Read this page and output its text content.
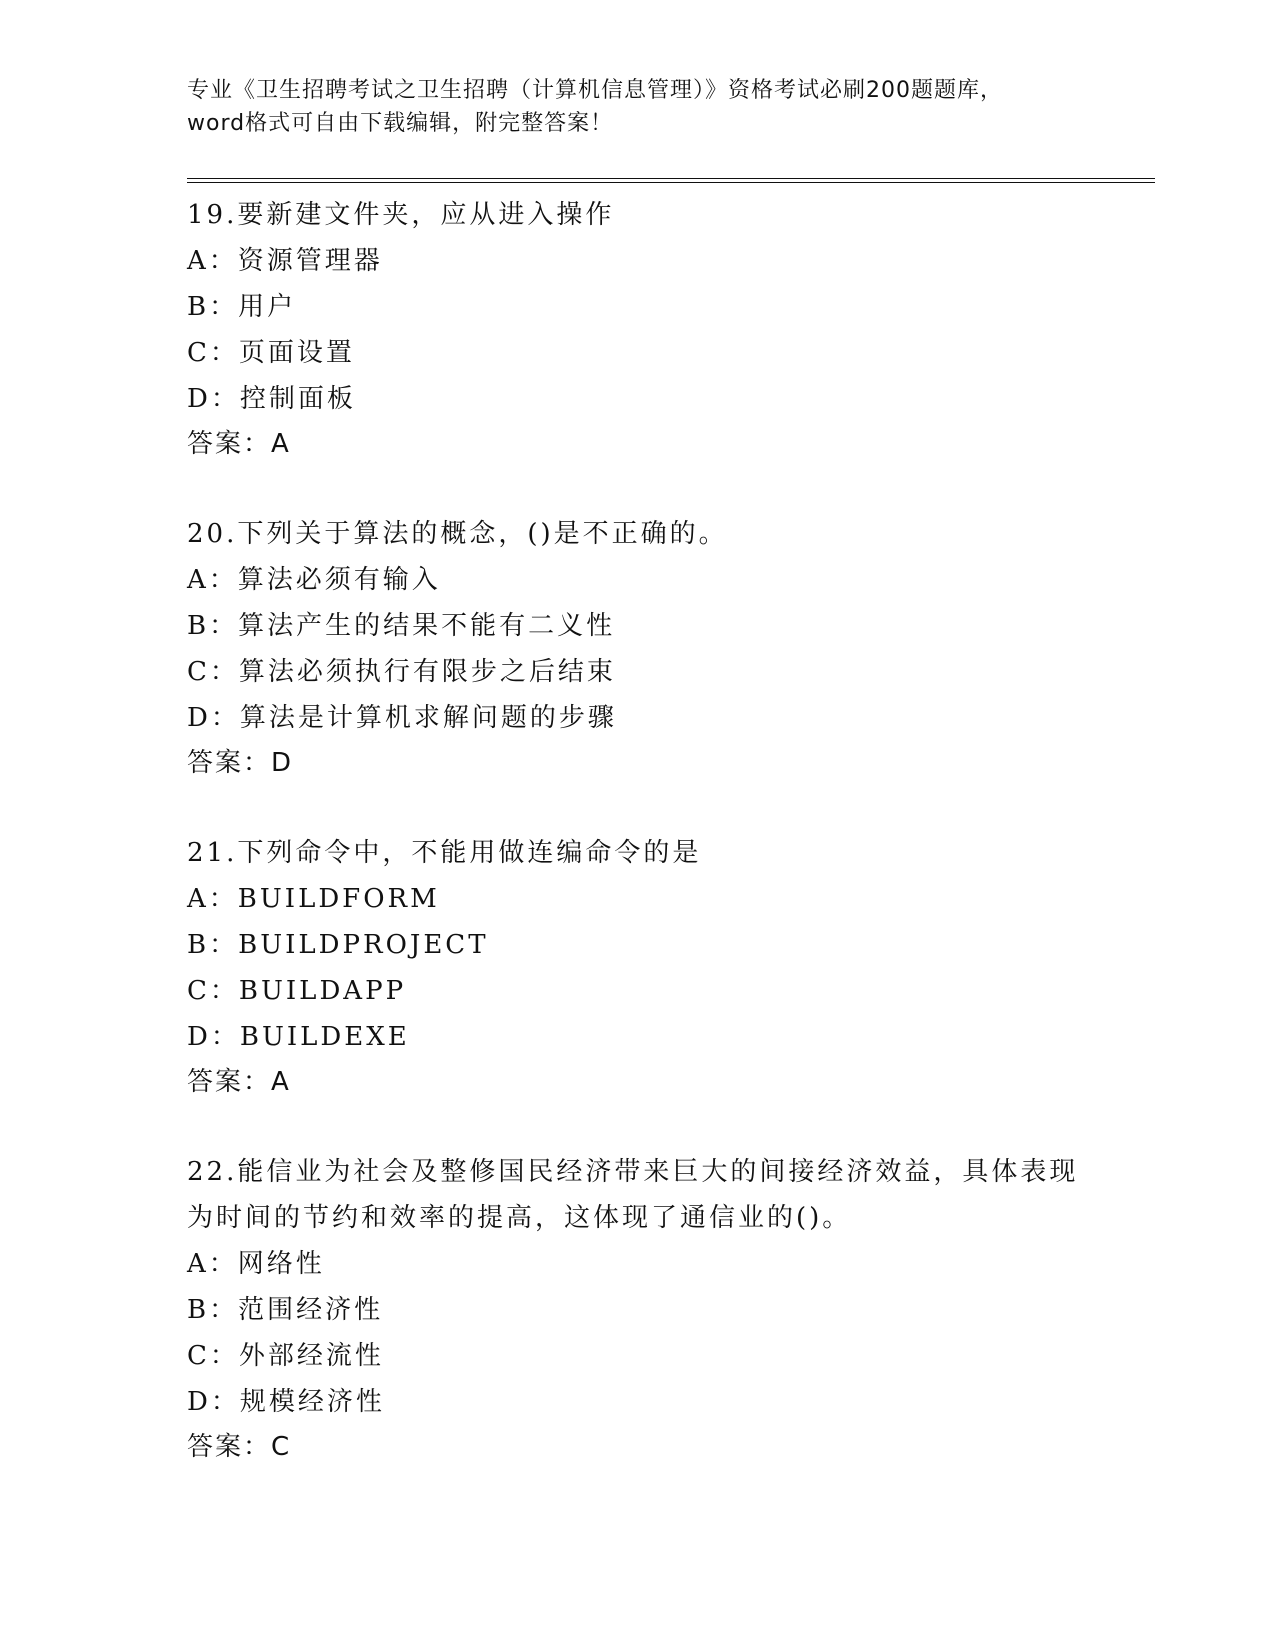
专业《卫生招聘考试之卫生招聘（计算机信息管理）》资格考试必刷200题题库，
word格式可自由下载编辑，附完整答案！
19.要新建文件夹，应从进入操作
A：资源管理器
B：用户
C：页面设置
D：控制面板
答案：A
20.下列关于算法的概念，()是不正确的。
A：算法必须有输入
B：算法产生的结果不能有二义性
C：算法必须执行有限步之后结束
D：算法是计算机求解问题的步骤
答案：D
21.下列命令中，不能用做连编命令的是
A：BUILDFORM
B：BUILDPROJECT
C：BUILDAPP
D：BUILDEXE
答案：A
22.能信业为社会及整修国民经济带来巨大的间接经济效益，具体表现
为时间的节约和效率的提高，这体现了通信业的()。
A：网络性
B：范围经济性
C：外部经流性
D：规模经济性
答案：C
